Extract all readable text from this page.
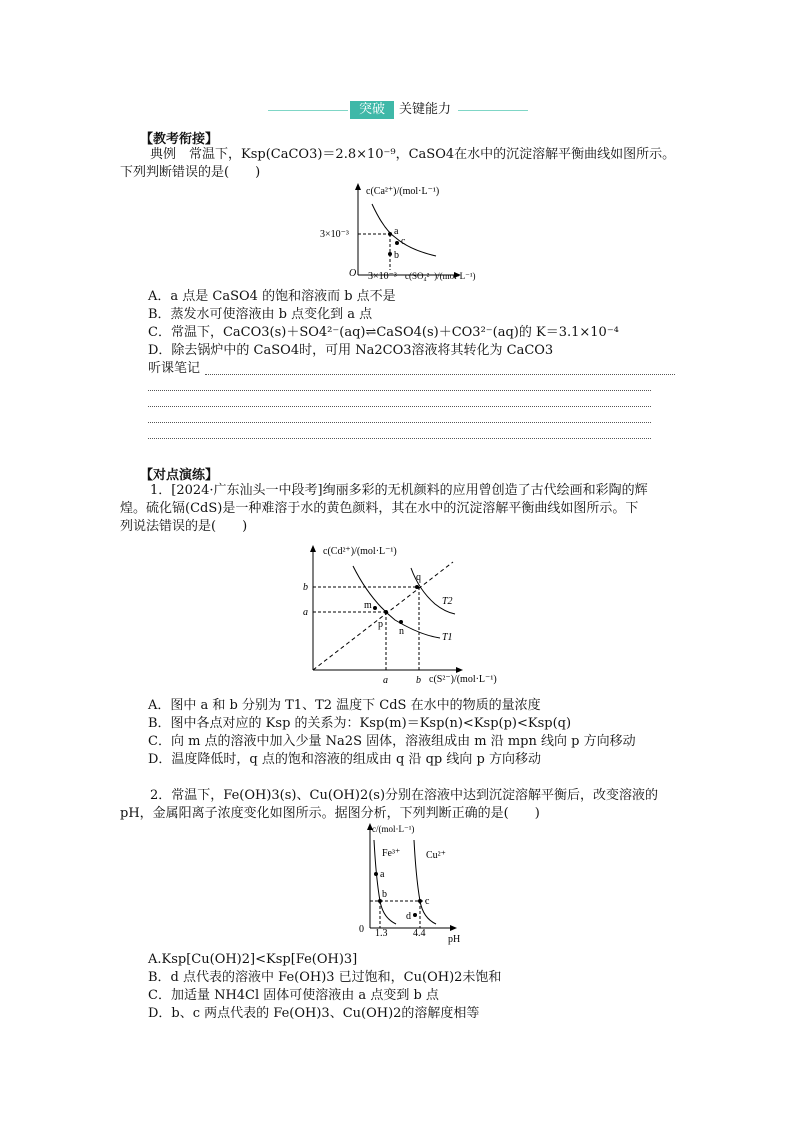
突破	关键能力
【教考衔接】
典例　常温下，Ksp(CaCO3)＝2.8×10⁻⁹，CaSO4在水中的沉淀溶解平衡曲线如图所示。
下列判断错误的是(　　)
c(Ca²⁺)/(mol·L⁻¹)
c(SO₄²⁻)/(mol·L⁻¹)
3×10⁻³
3×10⁻³
O
a
b
c
A．a 点是 CaSO4 的饱和溶液而 b 点不是
B．蒸发水可使溶液由 b 点变化到 a 点
C．常温下，CaCO3(s)＋SO4²⁻(aq)⇌CaSO4(s)＋CO3²⁻(aq)的 K＝3.1×10⁻⁴
D．除去锅炉中的 CaSO4时，可用 Na2CO3溶液将其转化为 CaCO3
听课笔记
【对点演练】
1．[2024·广东汕头一中段考]绚丽多彩的无机颜料的应用曾创造了古代绘画和彩陶的辉
煌。硫化镉(CdS)是一种难溶于水的黄色颜料，其在水中的沉淀溶解平衡曲线如图所示。下
列说法错误的是(　　)
c(Cd²⁺)/(mol·L⁻¹)
c(S²⁻)/(mol·L⁻¹)
b
a
a	b
T2
T1
q
m
p
n
A．图中 a 和 b 分别为 T1、T2 温度下 CdS 在水中的物质的量浓度
B．图中各点对应的 Ksp 的关系为：Ksp(m)＝Ksp(n)<Ksp(p)<Ksp(q)
C．向 m 点的溶液中加入少量 Na2S 固体，溶液组成由 m 沿 mpn 线向 p 方向移动
D．温度降低时，q 点的饱和溶液的组成由 q 沿 qp 线向 p 方向移动
2．常温下，Fe(OH)3(s)、Cu(OH)2(s)分别在溶液中达到沉淀溶解平衡后，改变溶液的
pH，金属阳离子浓度变化如图所示。据图分析，下列判断正确的是(　　)
c/(mol·L⁻¹)
pH
0 1.3	4.4
Fe³⁺	Cu²⁺
a
b
c
d
A.Ksp[Cu(OH)2]<Ksp[Fe(OH)3]
B．d 点代表的溶液中 Fe(OH)3 已过饱和，Cu(OH)2未饱和
C．加适量 NH4Cl 固体可使溶液由 a 点变到 b 点
D．b、c 两点代表的 Fe(OH)3、Cu(OH)2的溶解度相等
